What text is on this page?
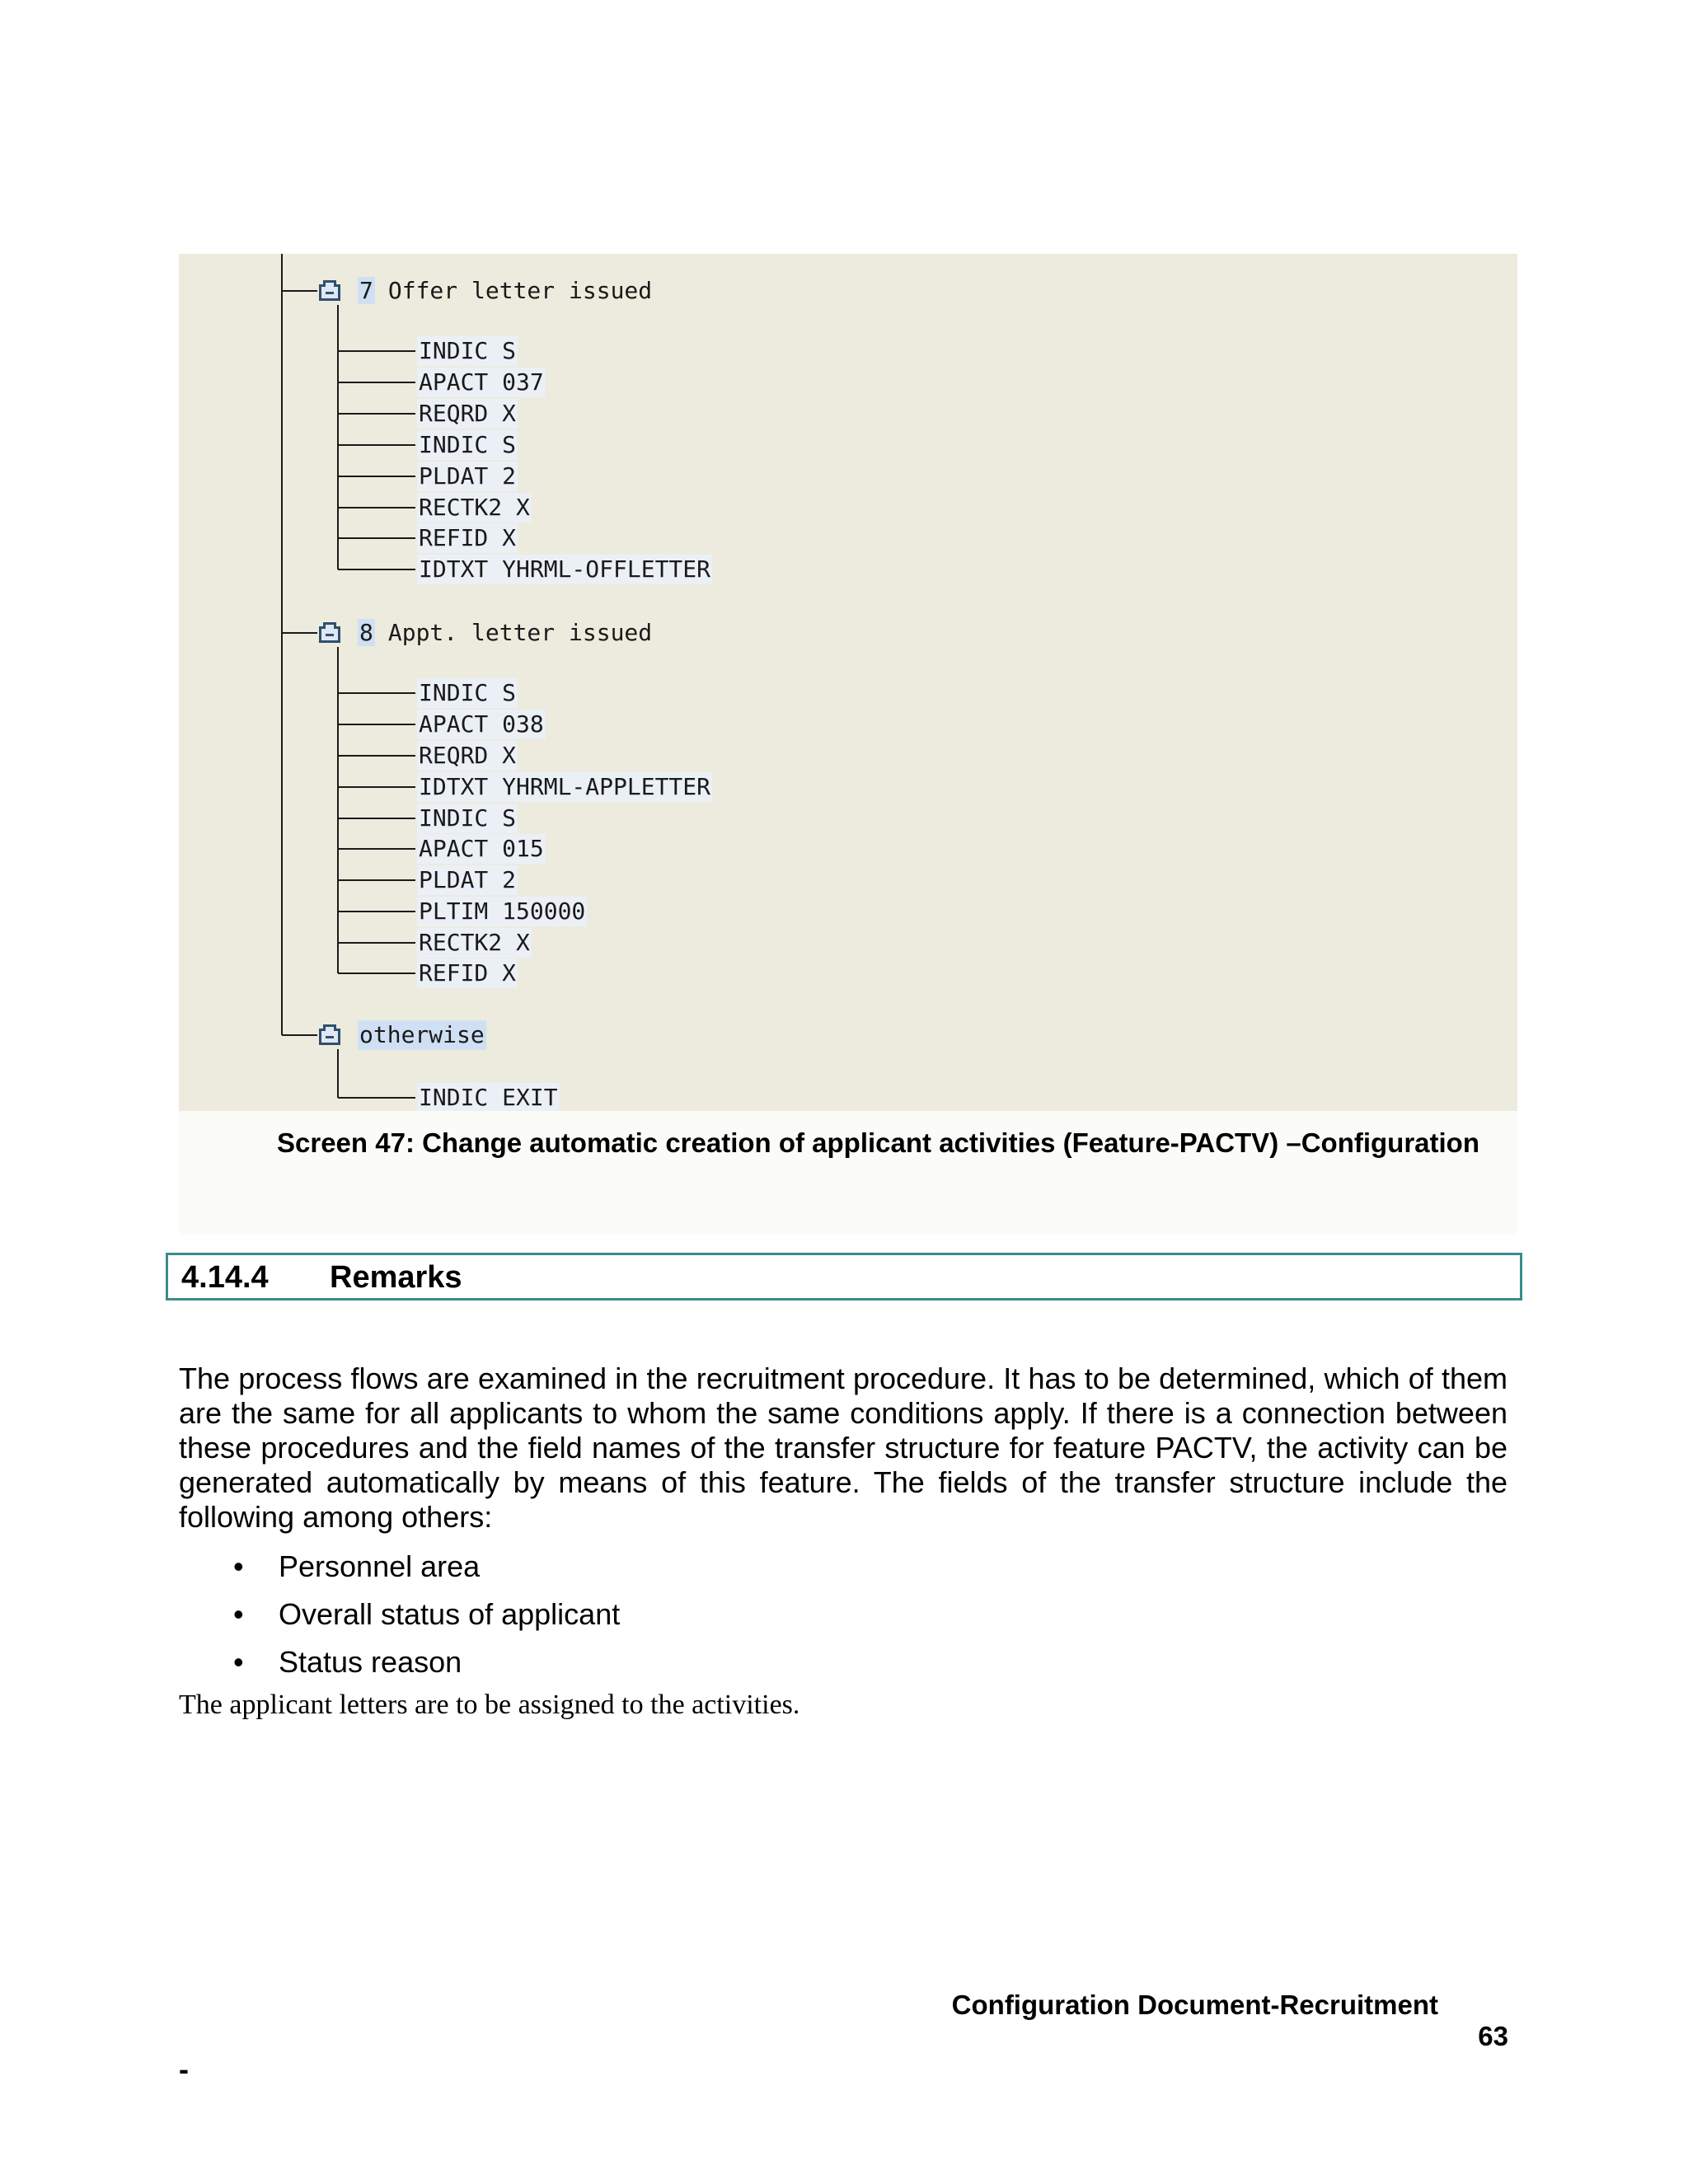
7 Offer letter issued
INDIC S
APACT 037
REQRD X
INDIC S
PLDAT 2
RECTK2 X
REFID X
IDTXT YHRML-OFFLETTER
8 Appt. letter issued
INDIC S
APACT 038
REQRD X
IDTXT YHRML-APPLETTER
INDIC S
APACT 015
PLDAT 2
PLTIM 150000
RECTK2 X
REFID X
otherwise
INDIC EXIT
Screen 47: Change automatic creation of applicant activities (Feature-PACTV) –Configuration
4.14.4 Remarks

The process flows are examined in the recruitment procedure. It has to be determined, which of them are the same for all applicants to whom the same conditions apply. If there is a connection between these procedures and the field names of the transfer structure for feature PACTV, the activity can be generated automatically by means of this feature. The fields of the transfer structure include the following among others:

• Personnel area
• Overall status of applicant
• Status reason
The applicant letters are to be assigned to the activities.
Configuration Document-Recruitment
63
-
